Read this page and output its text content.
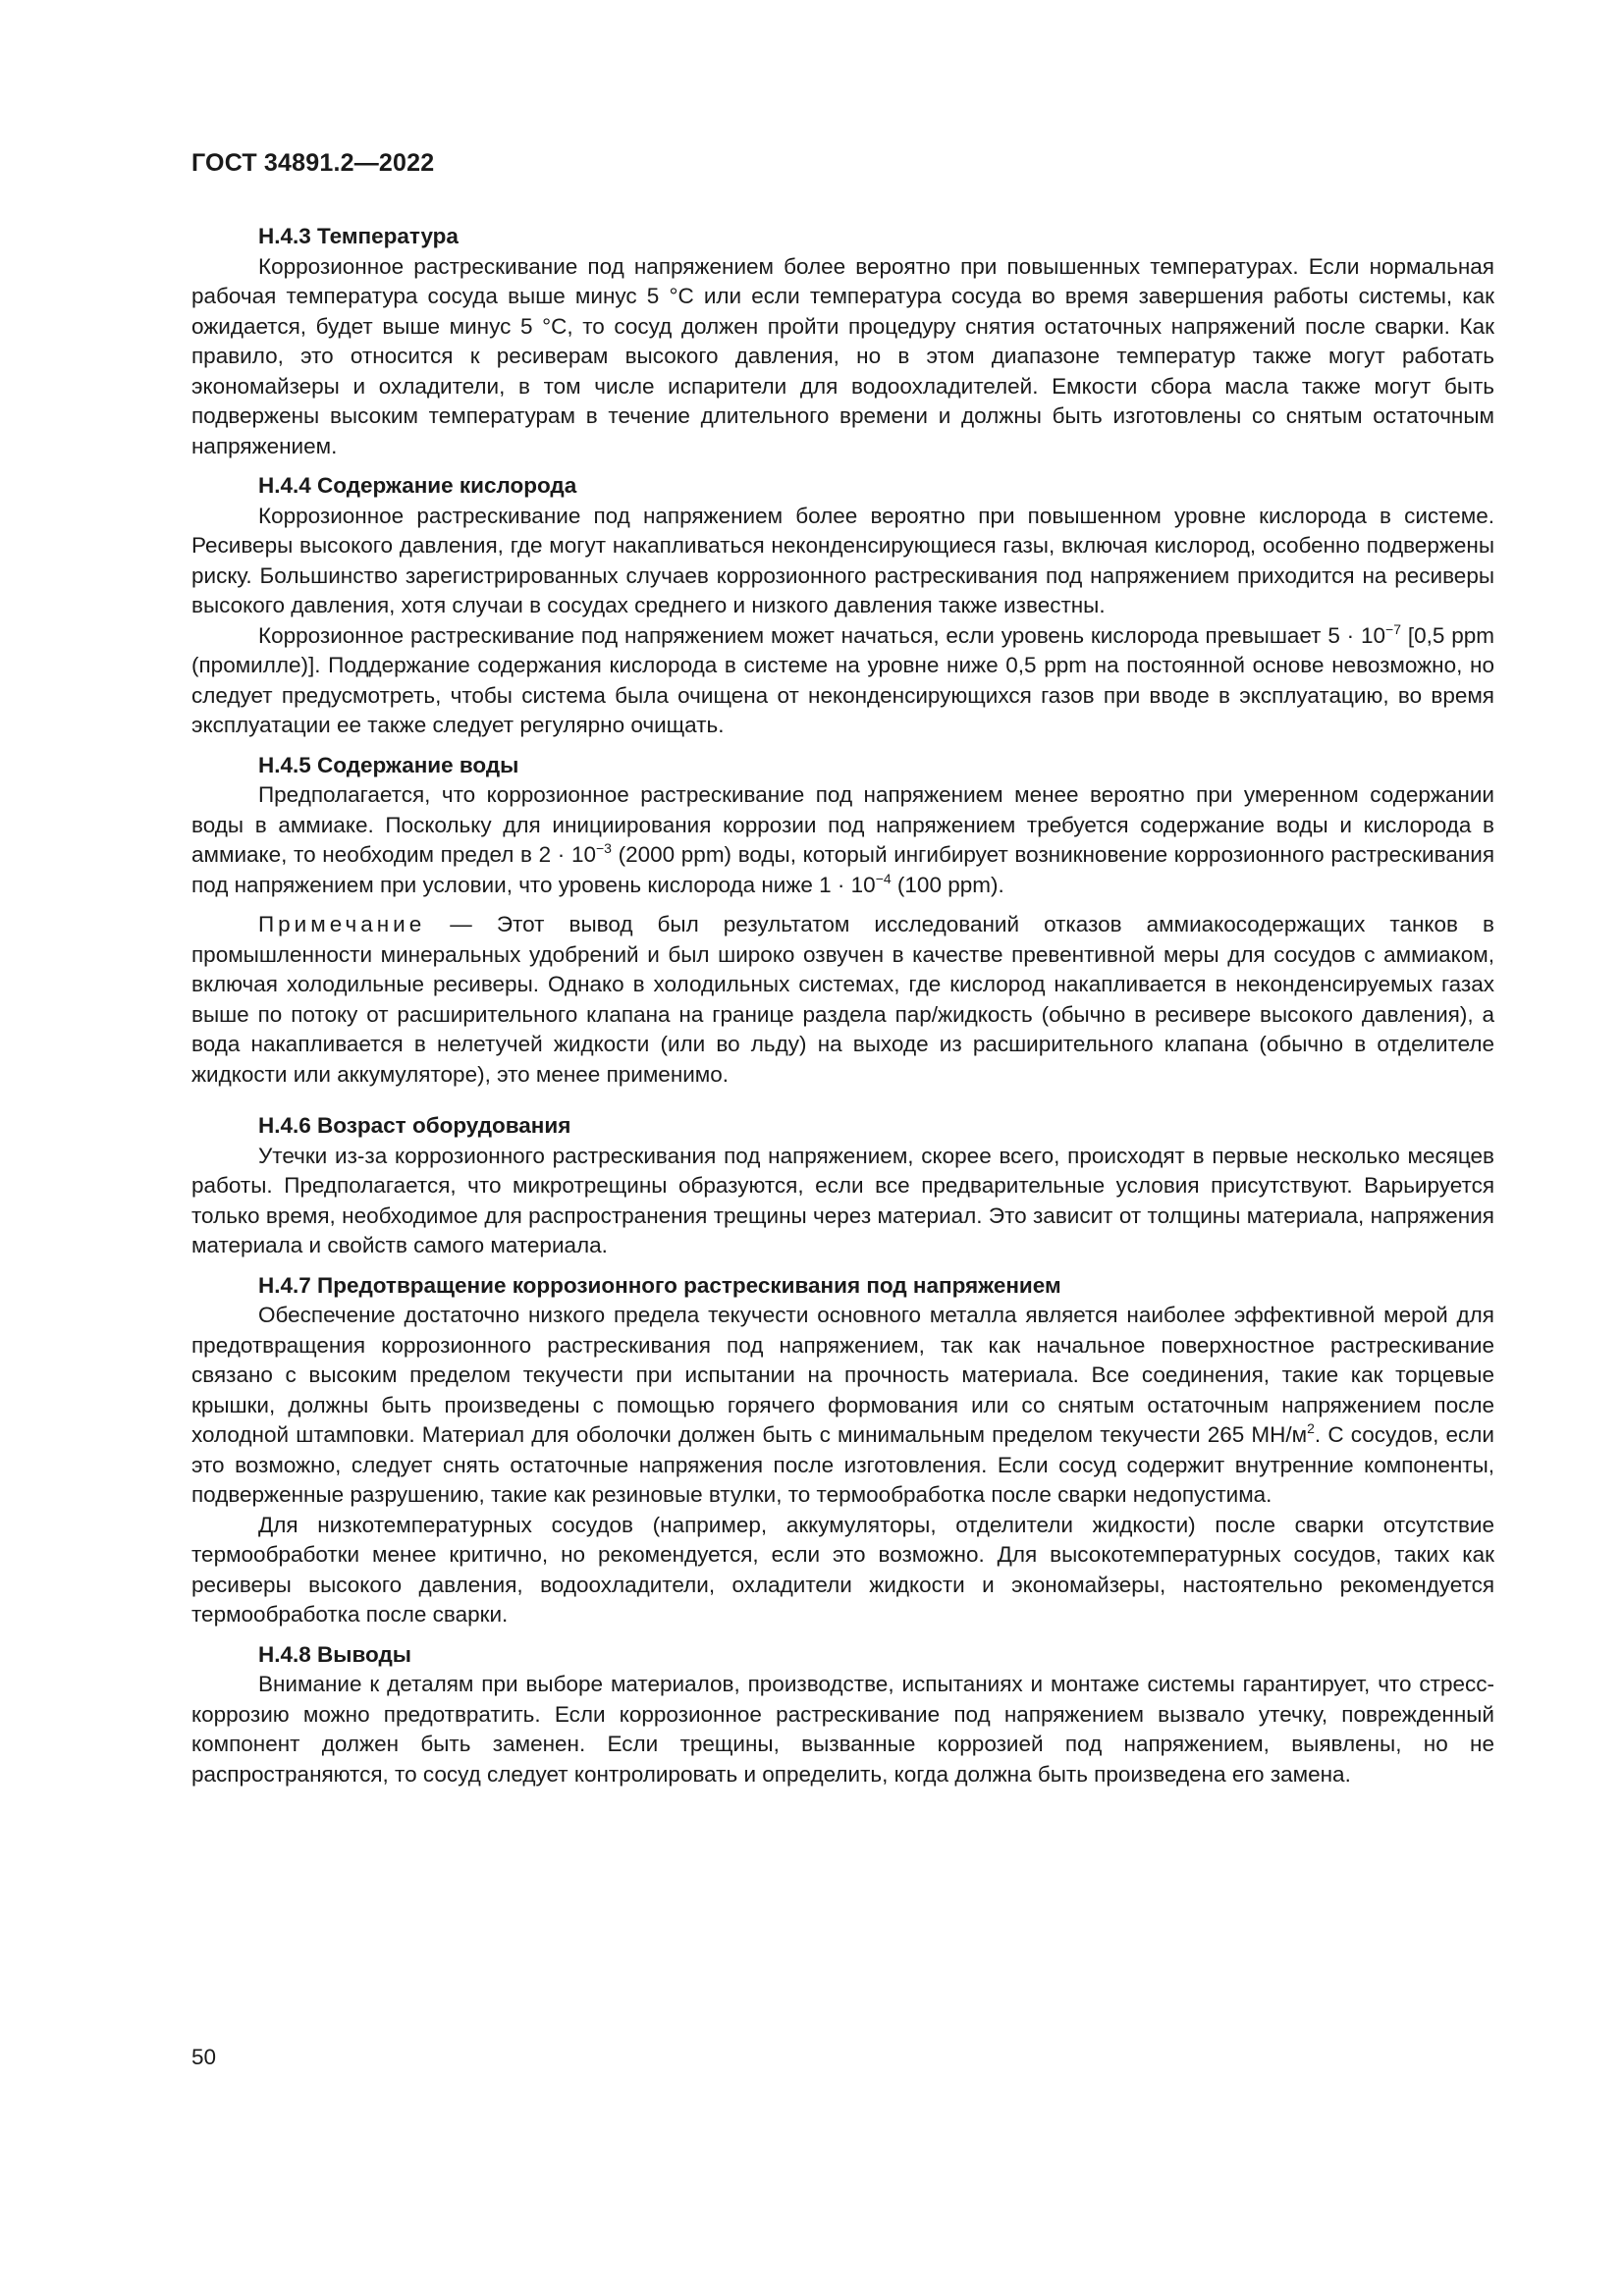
ГОСТ 34891.2—2022
Н.4.3 Температура

Коррозионное растрескивание под напряжением более вероятно при повышенных температурах. Если нормальная рабочая температура сосуда выше минус 5 °С или если температура сосуда во время завершения работы системы, как ожидается, будет выше минус 5 °С, то сосуд должен пройти процедуру снятия остаточных напряжений после сварки. Как правило, это относится к ресиверам высокого давления, но в этом диапазоне температур также могут работать экономайзеры и охладители, в том числе испарители для водоохладителей. Емкости сбора масла также могут быть подвержены высоким температурам в течение длительного времени и должны быть изготовлены со снятым остаточным напряжением.

Н.4.4 Содержание кислорода

Коррозионное растрескивание под напряжением более вероятно при повышенном уровне кислорода в системе. Ресиверы высокого давления, где могут накапливаться неконденсирующиеся газы, включая кислород, особенно подвержены риску. Большинство зарегистрированных случаев коррозионного растрескивания под напряжением приходится на ресиверы высокого давления, хотя случаи в сосудах среднего и низкого давления также известны.

Коррозионное растрескивание под напряжением может начаться, если уровень кислорода превышает $5 \cdot 10^{-7}$ [0,5 ppm (промилле)]. Поддержание содержания кислорода в системе на уровне ниже 0,5 ppm на постоянной основе невозможно, но следует предусмотреть, чтобы система была очищена от неконденсирующихся газов при вводе в эксплуатацию, во время эксплуатации ее также следует регулярно очищать.

Н.4.5 Содержание воды

Предполагается, что коррозионное растрескивание под напряжением менее вероятно при умеренном содержании воды в аммиаке. Поскольку для инициирования коррозии под напряжением требуется содержание воды и кислорода в аммиаке, то необходим предел в $2 \cdot 10^{-3}$ (2000 ppm) воды, который ингибирует возникновение коррозионного растрескивания под напряжением при условии, что уровень кислорода ниже $1 \cdot 10^{-4}$ (100 ppm).

Примечание — Этот вывод был результатом исследований отказов аммиакосодержащих танков в промышленности минеральных удобрений и был широко озвучен в качестве превентивной меры для сосудов с аммиаком, включая холодильные ресиверы. Однако в холодильных системах, где кислород накапливается в неконденсируемых газах выше по потоку от расширительного клапана на границе раздела пар/жидкость (обычно в ресивере высокого давления), а вода накапливается в нелетучей жидкости (или во льду) на выходе из расширительного клапана (обычно в отделителе жидкости или аккумуляторе), это менее применимо.

Н.4.6 Возраст оборудования

Утечки из-за коррозионного растрескивания под напряжением, скорее всего, происходят в первые несколько месяцев работы. Предполагается, что микротрещины образуются, если все предварительные условия присутствуют. Варьируется только время, необходимое для распространения трещины через материал. Это зависит от толщины материала, напряжения материала и свойств самого материала.

Н.4.7 Предотвращение коррозионного растрескивания под напряжением

Обеспечение достаточно низкого предела текучести основного металла является наиболее эффективной мерой для предотвращения коррозионного растрескивания под напряжением, так как начальное поверхностное растрескивание связано с высоким пределом текучести при испытании на прочность материала. Все соединения, такие как торцевые крышки, должны быть произведены с помощью горячего формования или со снятым остаточным напряжением после холодной штамповки. Материал для оболочки должен быть с минимальным пределом текучести 265 $МН/м^2$. С сосудов, если это возможно, следует снять остаточные напряжения после изготовления. Если сосуд содержит внутренние компоненты, подверженные разрушению, такие как резиновые втулки, то термообработка после сварки недопустима.

Для низкотемпературных сосудов (например, аккумуляторы, отделители жидкости) после сварки отсутствие термообработки менее критично, но рекомендуется, если это возможно. Для высокотемпературных сосудов, таких как ресиверы высокого давления, водоохладители, охладители жидкости и экономайзеры, настоятельно рекомендуется термообработка после сварки.

Н.4.8 Выводы

Внимание к деталям при выборе материалов, производстве, испытаниях и монтаже системы гарантирует, что стресс-коррозию можно предотвратить. Если коррозионное растрескивание под напряжением вызвало утечку, поврежденный компонент должен быть заменен. Если трещины, вызванные коррозией под напряжением, выявлены, но не распространяются, то сосуд следует контролировать и определить, когда должна быть произведена его замена.

50
